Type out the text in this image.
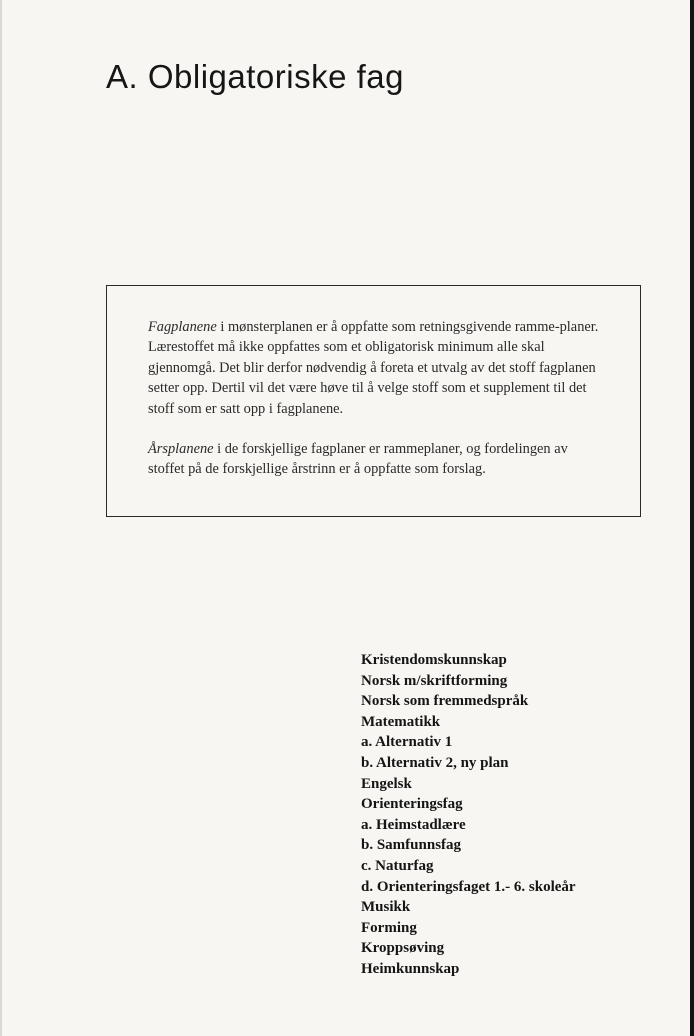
A. Obligatoriske fag

Fagplanene i mønsterplanen er å oppfatte som retningsgivende ramme-planer. Lærestoffet må ikke oppfattes som et obligatorisk minimum alle skal gjennomgå. Det blir derfor nødvendig å foreta et utvalg av det stoff fagplanen setter opp. Dertil vil det være høve til å velge stoff som et supplement til det stoff som er satt opp i fagplanene.

Årsplanene i de forskjellige fagplaner er rammeplaner, og fordelingen av stoffet på de forskjellige årstrinn er å oppfatte som forslag.

Kristendomskunnskap
Norsk m/skriftforming
Norsk som fremmedspråk
Matematikk
a. Alternativ 1
b. Alternativ 2, ny plan
Engelsk
Orienteringsfag
a. Heimstadlære
b. Samfunnsfag
c. Naturfag
d. Orienteringsfaget 1.- 6. skoleår
Musikk
Forming
Kroppsøving
Heimkunnskap
